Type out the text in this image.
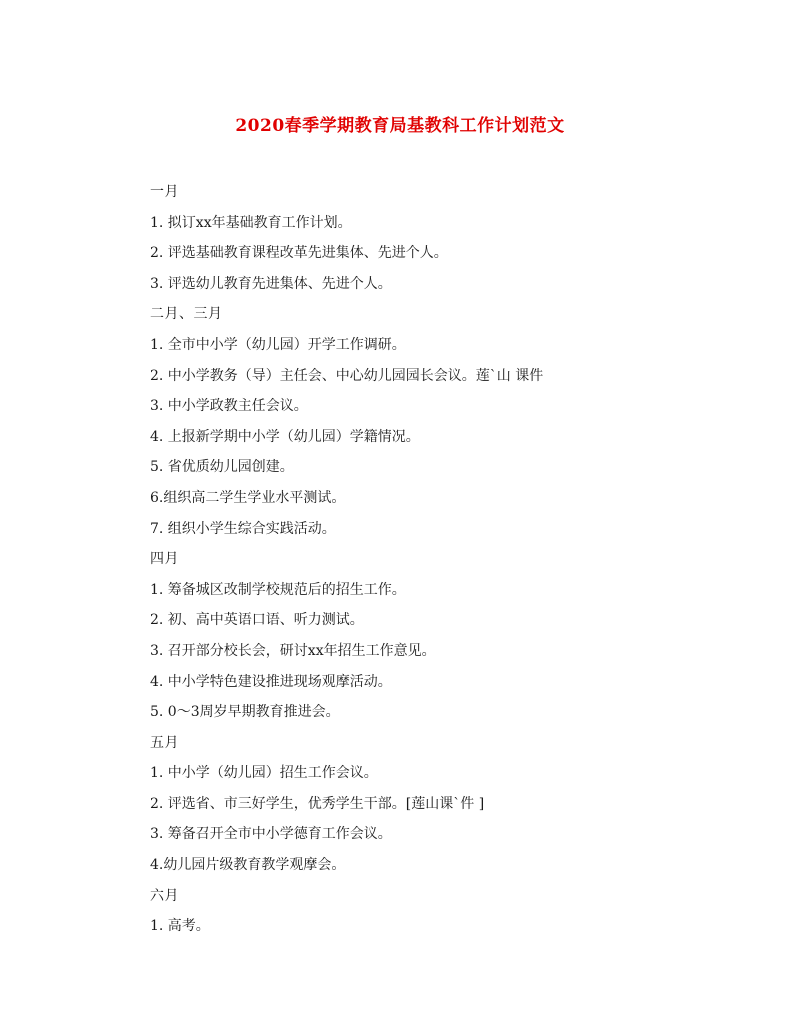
2020春季学期教育局基教科工作计划范文
一月
1. 拟订xx年基础教育工作计划。
2. 评选基础教育课程改革先进集体、先进个人。
3. 评选幼儿教育先进集体、先进个人。
二月、三月
1. 全市中小学（幼儿园）开学工作调研。
2. 中小学教务（导）主任会、中心幼儿园园长会议。莲`山 课件
3. 中小学政教主任会议。
4. 上报新学期中小学（幼儿园）学籍情况。
5. 省优质幼儿园创建。
6.组织高二学生学业水平测试。
7. 组织小学生综合实践活动。
四月
1. 筹备城区改制学校规范后的招生工作。
2. 初、高中英语口语、听力测试。
3. 召开部分校长会，研讨xx年招生工作意见。
4. 中小学特色建设推进现场观摩活动。
5. 0～3周岁早期教育推进会。
五月
1. 中小学（幼儿园）招生工作会议。
2. 评选省、市三好学生，优秀学生干部。[莲山课`件 ]
3. 筹备召开全市中小学德育工作会议。
4.幼儿园片级教育教学观摩会。
六月
1. 高考。
